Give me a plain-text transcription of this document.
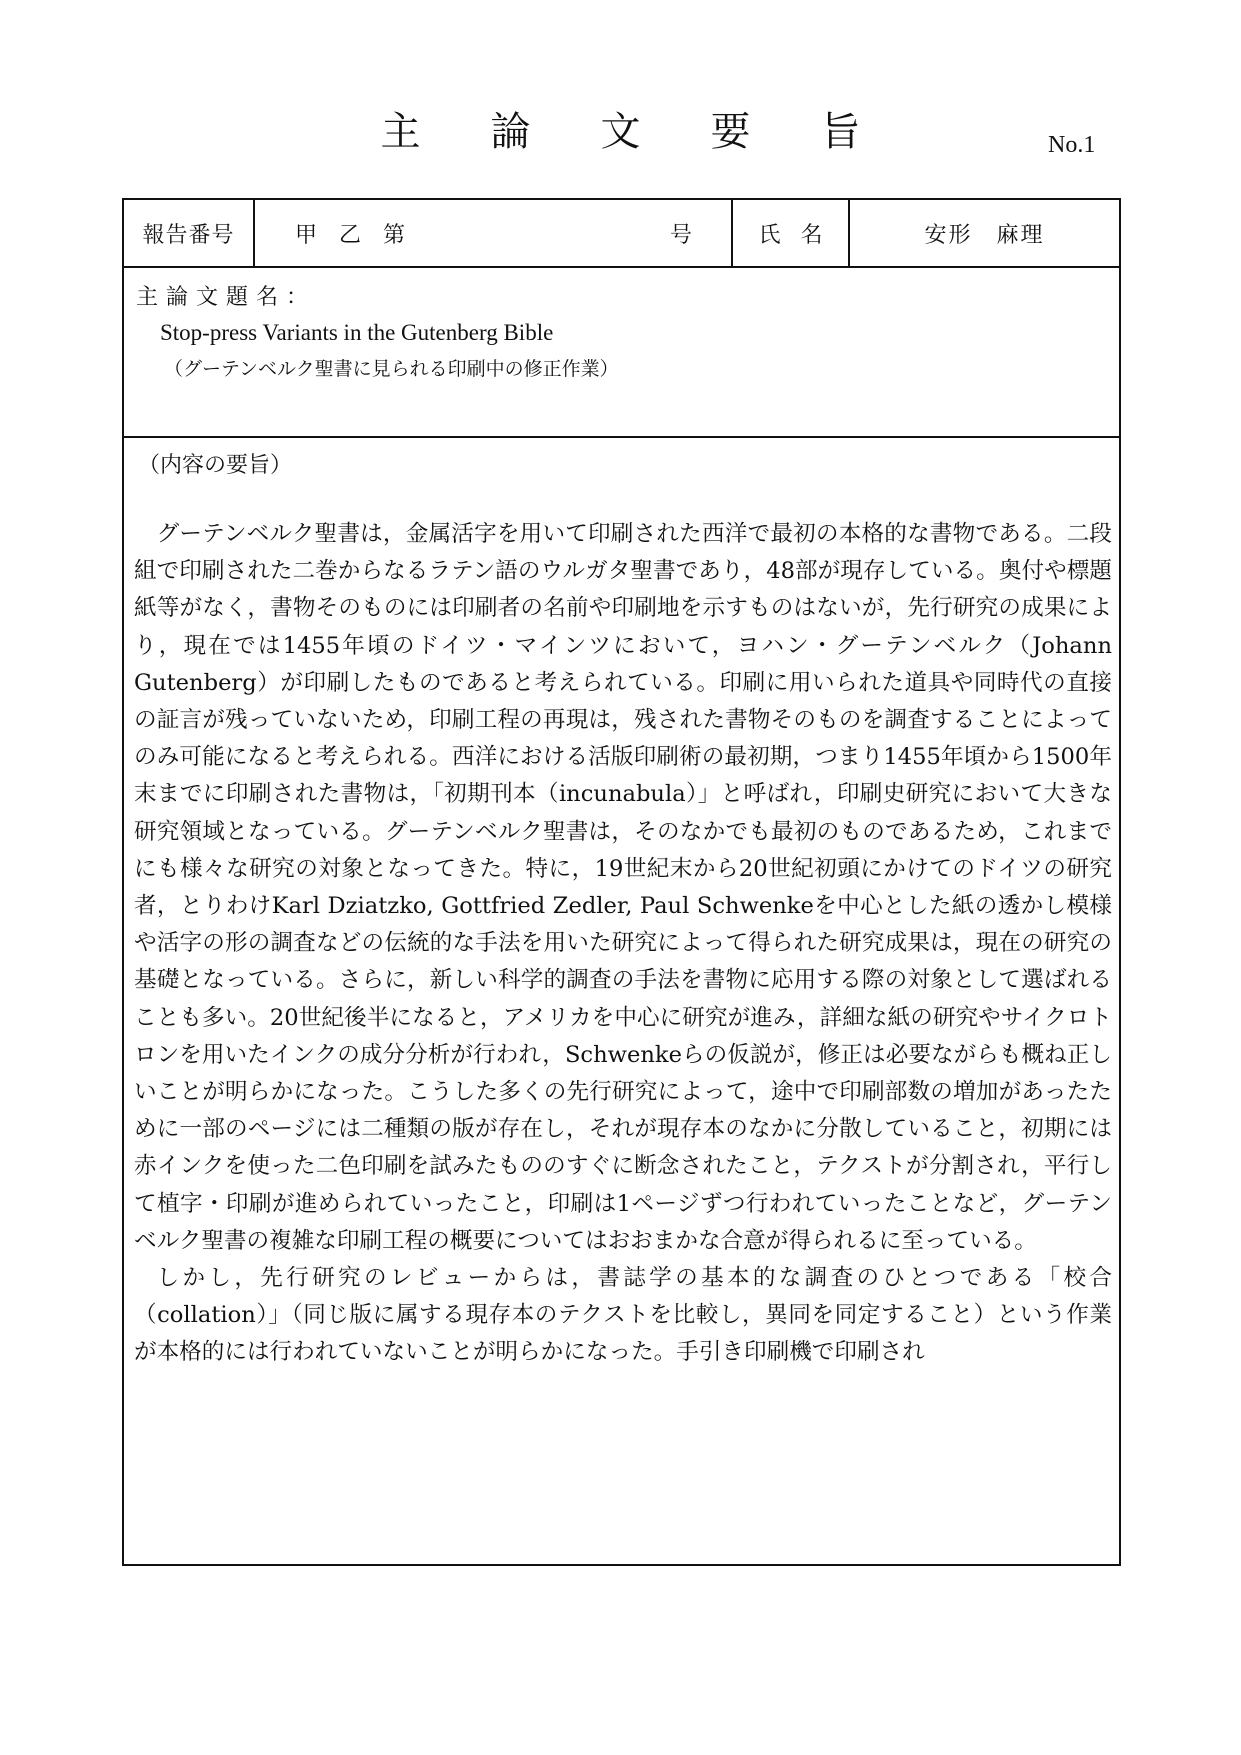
主論文要旨	No.1
報告番号	甲乙第	号	氏名	安形　麻理
主論文題名：
Stop-press Variants in the Gutenberg Bible
（グーテンベルク聖書に見られる印刷中の修正作業）
（内容の要旨）

グーテンベルク聖書は，金属活字を用いて印刷された西洋で最初の本格的な書物である。二段組で印刷された二巻からなるラテン語のウルガタ聖書であり，48部が現存している。奥付や標題紙等がなく，書物そのものには印刷者の名前や印刷地を示すものはないが，先行研究の成果により，現在では1455年頃のドイツ・マインツにおいて，ヨハン・グーテンベルク（Johann Gutenberg）が印刷したものであると考えられている。印刷に用いられた道具や同時代の直接の証言が残っていないため，印刷工程の再現は，残された書物そのものを調査することによってのみ可能になると考えられる。西洋における活版印刷術の最初期，つまり1455年頃から1500年末までに印刷された書物は，「初期刊本（incunabula）」と呼ばれ，印刷史研究において大きな研究領域となっている。グーテンベルク聖書は，そのなかでも最初のものであるため，これまでにも様々な研究の対象となってきた。特に，19世紀末から20世紀初頭にかけてのドイツの研究者，とりわけKarl Dziatzko, Gottfried Zedler, Paul Schwenkeを中心とした紙の透かし模様や活字の形の調査などの伝統的な手法を用いた研究によって得られた研究成果は，現在の研究の基礎となっている。さらに，新しい科学的調査の手法を書物に応用する際の対象として選ばれることも多い。20世紀後半になると，アメリカを中心に研究が進み，詳細な紙の研究やサイクロトロンを用いたインクの成分分析が行われ，Schwenkeらの仮説が，修正は必要ながらも概ね正しいことが明らかになった。こうした多くの先行研究によって，途中で印刷部数の増加があったために一部のページには二種類の版が存在し，それが現存本のなかに分散していること，初期には赤インクを使った二色印刷を試みたもののすぐに断念されたこと，テクストが分割され，平行して植字・印刷が進められていったこと，印刷は1ページずつ行われていったことなど，グーテンベルク聖書の複雑な印刷工程の概要についてはおおまかな合意が得られるに至っている。

しかし，先行研究のレビューからは，書誌学の基本的な調査のひとつである「校合（collation）」（同じ版に属する現存本のテクストを比較し，異同を同定すること）という作業が本格的には行われていないことが明らかになった。手引き印刷機で印刷され
